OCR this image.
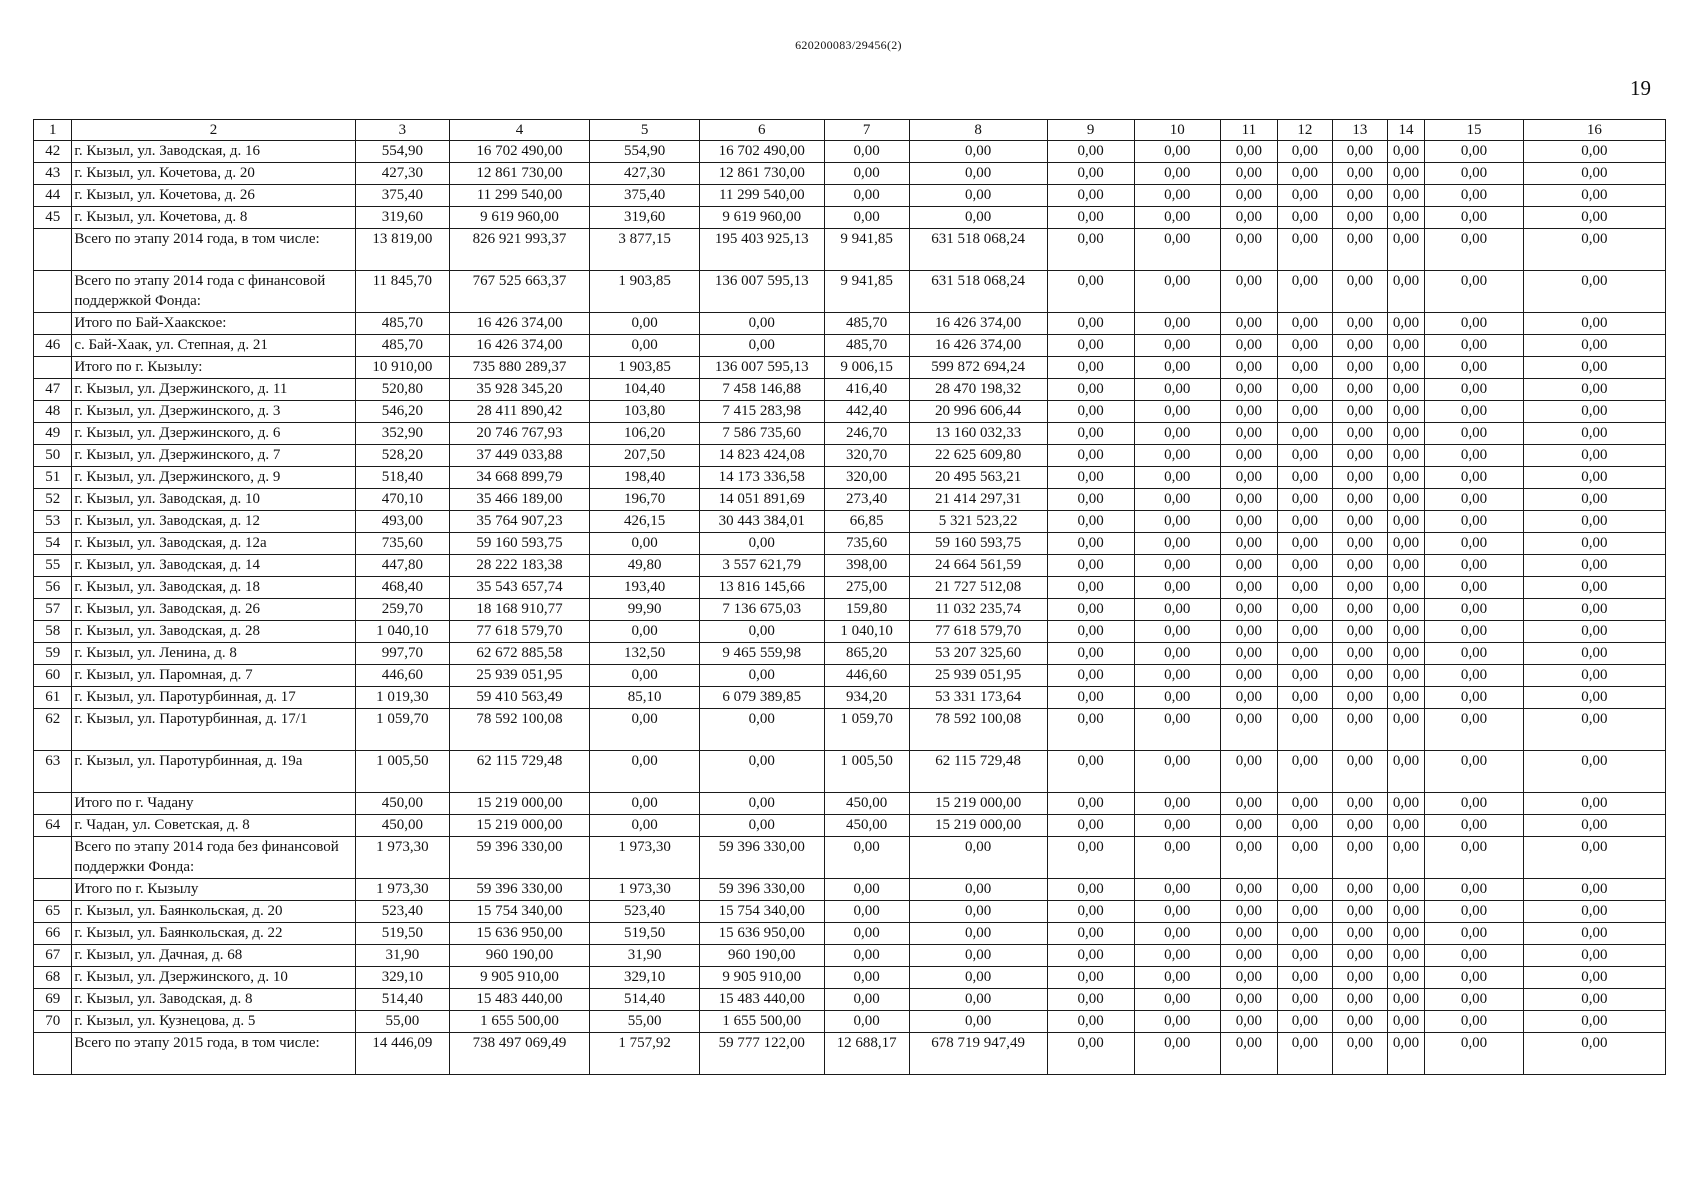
620200083/29456(2)
19
1	2	3	4	5	6	7	8	9	10	11	12	13	14	15	16
42	г. Кызыл, ул. Заводская, д. 16	554,90	16 702 490,00	554,90	16 702 490,00	0,00	0,00	0,00	0,00	0,00	0,00	0,00	0,00	0,00	0,00
43	г. Кызыл, ул. Кочетова, д. 20	427,30	12 861 730,00	427,30	12 861 730,00	0,00	0,00	0,00	0,00	0,00	0,00	0,00	0,00	0,00	0,00
44	г. Кызыл, ул. Кочетова, д. 26	375,40	11 299 540,00	375,40	11 299 540,00	0,00	0,00	0,00	0,00	0,00	0,00	0,00	0,00	0,00	0,00
45	г. Кызыл, ул. Кочетова, д. 8	319,60	9 619 960,00	319,60	9 619 960,00	0,00	0,00	0,00	0,00	0,00	0,00	0,00	0,00	0,00	0,00
	Всего по этапу 2014 года, в том числе:	13 819,00	826 921 993,37	3 877,15	195 403 925,13	9 941,85	631 518 068,24	0,00	0,00	0,00	0,00	0,00	0,00	0,00	0,00
	Всего по этапу 2014 года с финансовой поддержкой Фонда:	11 845,70	767 525 663,37	1 903,85	136 007 595,13	9 941,85	631 518 068,24	0,00	0,00	0,00	0,00	0,00	0,00	0,00	0,00
	Итого по Бай-Хаакское:	485,70	16 426 374,00	0,00	0,00	485,70	16 426 374,00	0,00	0,00	0,00	0,00	0,00	0,00	0,00	0,00
46	с. Бай-Хаак, ул. Степная, д. 21	485,70	16 426 374,00	0,00	0,00	485,70	16 426 374,00	0,00	0,00	0,00	0,00	0,00	0,00	0,00	0,00
	Итого по г. Кызылу:	10 910,00	735 880 289,37	1 903,85	136 007 595,13	9 006,15	599 872 694,24	0,00	0,00	0,00	0,00	0,00	0,00	0,00	0,00
47	г. Кызыл, ул. Дзержинского, д. 11	520,80	35 928 345,20	104,40	7 458 146,88	416,40	28 470 198,32	0,00	0,00	0,00	0,00	0,00	0,00	0,00	0,00
48	г. Кызыл, ул. Дзержинского, д. 3	546,20	28 411 890,42	103,80	7 415 283,98	442,40	20 996 606,44	0,00	0,00	0,00	0,00	0,00	0,00	0,00	0,00
49	г. Кызыл, ул. Дзержинского, д. 6	352,90	20 746 767,93	106,20	7 586 735,60	246,70	13 160 032,33	0,00	0,00	0,00	0,00	0,00	0,00	0,00	0,00
50	г. Кызыл, ул. Дзержинского, д. 7	528,20	37 449 033,88	207,50	14 823 424,08	320,70	22 625 609,80	0,00	0,00	0,00	0,00	0,00	0,00	0,00	0,00
51	г. Кызыл, ул. Дзержинского, д. 9	518,40	34 668 899,79	198,40	14 173 336,58	320,00	20 495 563,21	0,00	0,00	0,00	0,00	0,00	0,00	0,00	0,00
52	г. Кызыл, ул. Заводская, д. 10	470,10	35 466 189,00	196,70	14 051 891,69	273,40	21 414 297,31	0,00	0,00	0,00	0,00	0,00	0,00	0,00	0,00
53	г. Кызыл, ул. Заводская, д. 12	493,00	35 764 907,23	426,15	30 443 384,01	66,85	5 321 523,22	0,00	0,00	0,00	0,00	0,00	0,00	0,00	0,00
54	г. Кызыл, ул. Заводская, д. 12а	735,60	59 160 593,75	0,00	0,00	735,60	59 160 593,75	0,00	0,00	0,00	0,00	0,00	0,00	0,00	0,00
55	г. Кызыл, ул. Заводская, д. 14	447,80	28 222 183,38	49,80	3 557 621,79	398,00	24 664 561,59	0,00	0,00	0,00	0,00	0,00	0,00	0,00	0,00
56	г. Кызыл, ул. Заводская, д. 18	468,40	35 543 657,74	193,40	13 816 145,66	275,00	21 727 512,08	0,00	0,00	0,00	0,00	0,00	0,00	0,00	0,00
57	г. Кызыл, ул. Заводская, д. 26	259,70	18 168 910,77	99,90	7 136 675,03	159,80	11 032 235,74	0,00	0,00	0,00	0,00	0,00	0,00	0,00	0,00
58	г. Кызыл, ул. Заводская, д. 28	1 040,10	77 618 579,70	0,00	0,00	1 040,10	77 618 579,70	0,00	0,00	0,00	0,00	0,00	0,00	0,00	0,00
59	г. Кызыл, ул. Ленина, д. 8	997,70	62 672 885,58	132,50	9 465 559,98	865,20	53 207 325,60	0,00	0,00	0,00	0,00	0,00	0,00	0,00	0,00
60	г. Кызыл, ул. Паромная, д. 7	446,60	25 939 051,95	0,00	0,00	446,60	25 939 051,95	0,00	0,00	0,00	0,00	0,00	0,00	0,00	0,00
61	г. Кызыл, ул. Паротурбинная, д. 17	1 019,30	59 410 563,49	85,10	6 079 389,85	934,20	53 331 173,64	0,00	0,00	0,00	0,00	0,00	0,00	0,00	0,00
62	г. Кызыл, ул. Паротурбинная, д. 17/1	1 059,70	78 592 100,08	0,00	0,00	1 059,70	78 592 100,08	0,00	0,00	0,00	0,00	0,00	0,00	0,00	0,00
63	г. Кызыл, ул. Паротурбинная, д. 19а	1 005,50	62 115 729,48	0,00	0,00	1 005,50	62 115 729,48	0,00	0,00	0,00	0,00	0,00	0,00	0,00	0,00
	Итого по г. Чадану	450,00	15 219 000,00	0,00	0,00	450,00	15 219 000,00	0,00	0,00	0,00	0,00	0,00	0,00	0,00	0,00
64	г. Чадан, ул. Советская, д. 8	450,00	15 219 000,00	0,00	0,00	450,00	15 219 000,00	0,00	0,00	0,00	0,00	0,00	0,00	0,00	0,00
	Всего по этапу 2014 года без финансовой поддержки Фонда:	1 973,30	59 396 330,00	1 973,30	59 396 330,00	0,00	0,00	0,00	0,00	0,00	0,00	0,00	0,00	0,00	0,00
	Итого по г. Кызылу	1 973,30	59 396 330,00	1 973,30	59 396 330,00	0,00	0,00	0,00	0,00	0,00	0,00	0,00	0,00	0,00	0,00
65	г. Кызыл, ул. Баянкольская, д. 20	523,40	15 754 340,00	523,40	15 754 340,00	0,00	0,00	0,00	0,00	0,00	0,00	0,00	0,00	0,00	0,00
66	г. Кызыл, ул. Баянкольская, д. 22	519,50	15 636 950,00	519,50	15 636 950,00	0,00	0,00	0,00	0,00	0,00	0,00	0,00	0,00	0,00	0,00
67	г. Кызыл, ул. Дачная, д. 68	31,90	960 190,00	31,90	960 190,00	0,00	0,00	0,00	0,00	0,00	0,00	0,00	0,00	0,00	0,00
68	г. Кызыл, ул. Дзержинского, д. 10	329,10	9 905 910,00	329,10	9 905 910,00	0,00	0,00	0,00	0,00	0,00	0,00	0,00	0,00	0,00	0,00
69	г. Кызыл, ул. Заводская, д. 8	514,40	15 483 440,00	514,40	15 483 440,00	0,00	0,00	0,00	0,00	0,00	0,00	0,00	0,00	0,00	0,00
70	г. Кызыл, ул. Кузнецова, д. 5	55,00	1 655 500,00	55,00	1 655 500,00	0,00	0,00	0,00	0,00	0,00	0,00	0,00	0,00	0,00	0,00
	Всего по этапу 2015 года, в том числе:	14 446,09	738 497 069,49	1 757,92	59 777 122,00	12 688,17	678 719 947,49	0,00	0,00	0,00	0,00	0,00	0,00	0,00	0,00
